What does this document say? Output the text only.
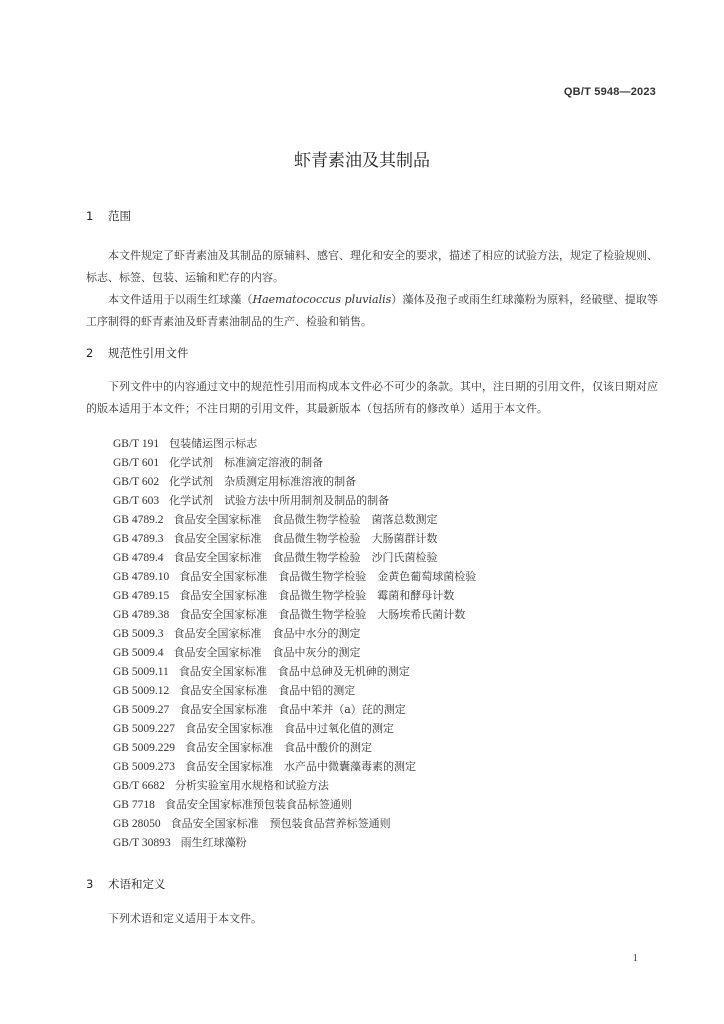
QB/T 5948—2023
虾青素油及其制品
1 范围
本文件规定了虾青素油及其制品的原辅料、感官、理化和安全的要求，描述了相应的试验方法，规定了检验规则、标志、标签、包装、运输和贮存的内容。
本文件适用于以雨生红球藻（Haematococcus pluvialis）藻体及孢子或雨生红球藻粉为原料，经破壁、提取等工序制得的虾青素油及虾青素油制品的生产、检验和销售。
2 规范性引用文件
下列文件中的内容通过文中的规范性引用而构成本文件必不可少的条款。其中，注日期的引用文件，仅该日期对应的版本适用于本文件；不注日期的引用文件，其最新版本（包括所有的修改单）适用于本文件。
GB/T 191 包装储运图示标志
GB/T 601 化学试剂　标准滴定溶液的制备
GB/T 602 化学试剂　杂质测定用标准溶液的制备
GB/T 603 化学试剂　试验方法中所用制剂及制品的制备
GB 4789.2 食品安全国家标准　食品微生物学检验　菌落总数测定
GB 4789.3 食品安全国家标准　食品微生物学检验　大肠菌群计数
GB 4789.4 食品安全国家标准　食品微生物学检验　沙门氏菌检验
GB 4789.10 食品安全国家标准　食品微生物学检验　金黄色葡萄球菌检验
GB 4789.15 食品安全国家标准　食品微生物学检验　霉菌和酵母计数
GB 4789.38 食品安全国家标准　食品微生物学检验　大肠埃希氏菌计数
GB 5009.3 食品安全国家标准　食品中水分的测定
GB 5009.4 食品安全国家标准　食品中灰分的测定
GB 5009.11 食品安全国家标准　食品中总砷及无机砷的测定
GB 5009.12 食品安全国家标准　食品中铅的测定
GB 5009.27 食品安全国家标准　食品中苯并（a）芘的测定
GB 5009.227 食品安全国家标准　食品中过氧化值的测定
GB 5009.229 食品安全国家标准　食品中酸价的测定
GB 5009.273 食品安全国家标准　水产品中微囊藻毒素的测定
GB/T 6682 分析实验室用水规格和试验方法
GB 7718 食品安全国家标准预包装食品标签通则
GB 28050 食品安全国家标准　预包装食品营养标签通则
GB/T 30893 雨生红球藻粉
3 术语和定义
下列术语和定义适用于本文件。
1
